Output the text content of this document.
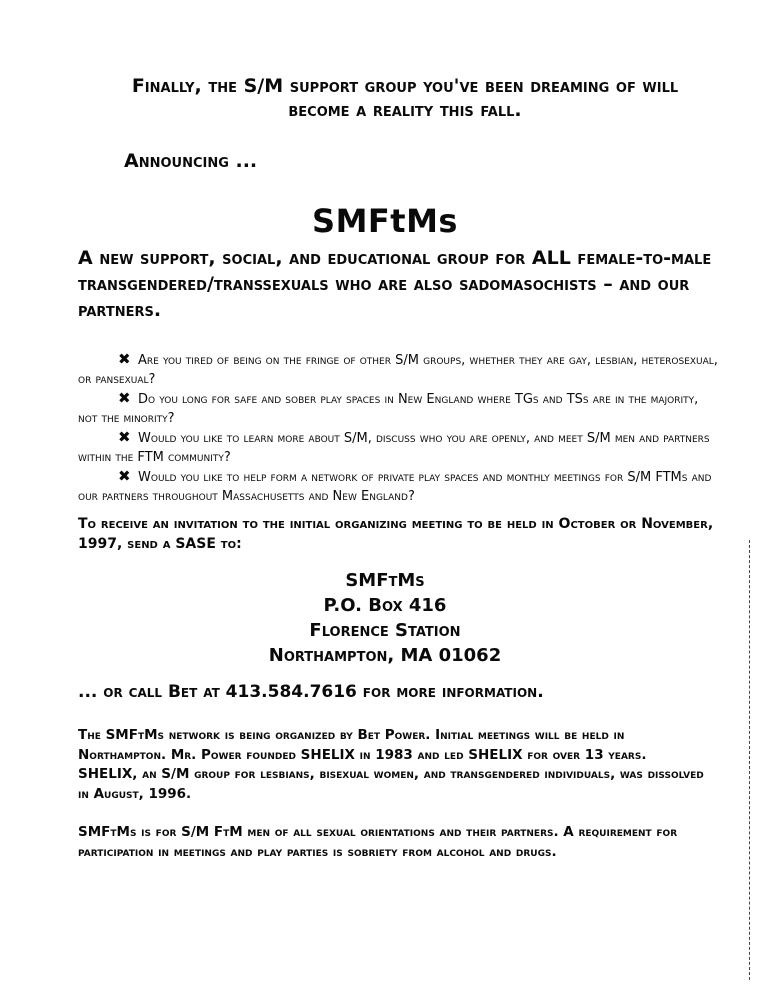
Finally, the S/M support group you've been dreaming of will
become a reality this fall.
Announcing ...
SMFtMs
A new support, social, and educational group for ALL female-to-male transgendered/transsexuals who are also sadomasochists – and our partners.

✖ Are you tired of being on the fringe of other S/M groups, whether they are gay, lesbian, heterosexual, or pansexual?

✖ Do you long for safe and sober play spaces in New England where TGs and TSs are in the majority, not the minority?

✖ Would you like to learn more about S/M, discuss who you are openly, and meet S/M men and partners within the FTM community?

✖ Would you like to help form a network of private play spaces and monthly meetings for S/M FTMs and our partners throughout Massachusetts and New England?

To receive an invitation to the initial organizing meeting to be held in October or November, 1997, send a SASE to:
SMFtMs
P.O. Box 416
Florence Station
Northampton, MA 01062
... or call Bet at 413.584.7616 for more information.
The SMFtMs network is being organized by Bet Power. Initial meetings will be held in Northampton. Mr. Power founded SHELIX in 1983 and led SHELIX for over 13 years. SHELIX, an S/M group for lesbians, bisexual women, and transgendered individuals, was dissolved in August, 1996.
SMFtMs is for S/M FtM men of all sexual orientations and their partners. A requirement for participation in meetings and play parties is sobriety from alcohol and drugs.
